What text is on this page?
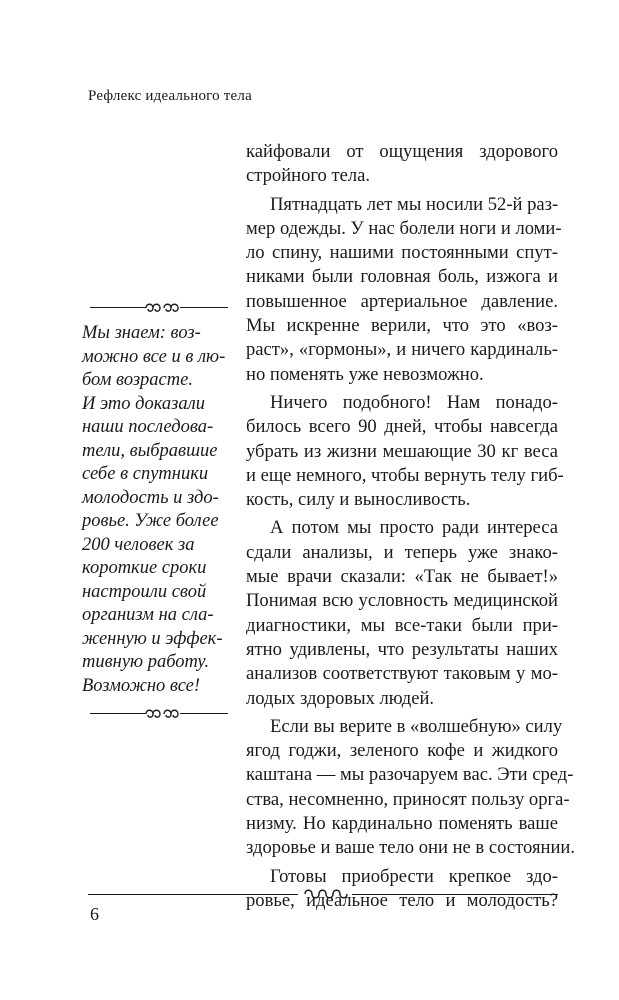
Рефлекс идеального тела
Мы знаем: воз-
можно все и в лю-
бом возрасте.
И это доказали
наши последова-
тели, выбравшие
себе в спутники
молодость и здо-
ровье. Уже более
200 человек за
короткие сроки
настроили свой
организм на сла-
женную и эффек-
тивную работу.
Возможно все!
кайфовали от ощущения здорового
стройного тела.
Пятнадцать лет мы носили 52-й раз-
мер одежды. У нас болели ноги и ломи-
ло спину, нашими постоянными спут-
никами были головная боль, изжога и
повышенное артериальное давление.
Мы искренне верили, что это «воз-
раст», «гормоны», и ничего кардиналь-
но поменять уже невозможно.
Ничего подобного! Нам понадо-
билось всего 90 дней, чтобы навсегда
убрать из жизни мешающие 30 кг веса
и еще немного, чтобы вернуть телу гиб-
кость, силу и выносливость.
А потом мы просто ради интереса
сдали анализы, и теперь уже знако-
мые врачи сказали: «Так не бывает!»
Понимая всю условность медицинской
диагностики, мы все-таки были при-
ятно удивлены, что результаты наших
анализов соответствуют таковым у мо-
лодых здоровых людей.
Если вы верите в «волшебную» силу
ягод годжи, зеленого кофе и жидкого
каштана — мы разочаруем вас. Эти сред-
ства, несомненно, приносят пользу орга-
низму. Но кардинально поменять ваше
здоровье и ваше тело они не в состоянии.
Готовы приобрести крепкое здо-
ровье, идеальное тело и молодость?
6
